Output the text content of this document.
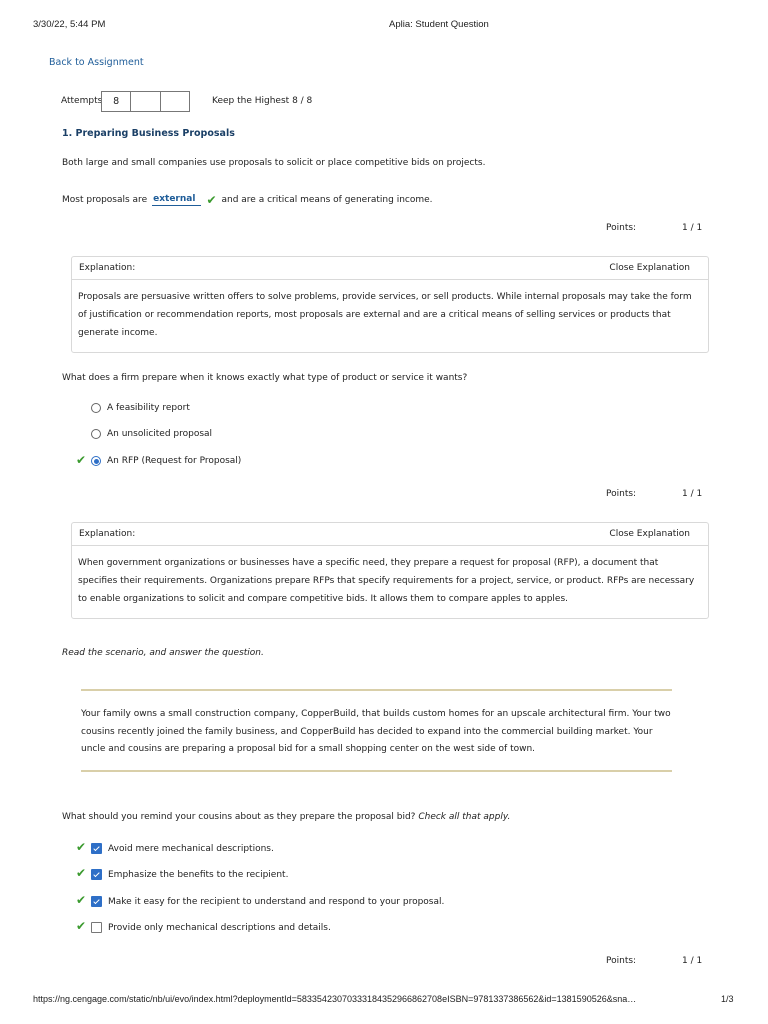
3/30/22, 5:44 PM	Aplia: Student Question
Back to Assignment
Attempts	8	Keep the Highest 8 / 8
1. Preparing Business Proposals
Both large and small companies use proposals to solicit or place competitive bids on projects.
Most proposals are external ✔ and are a critical means of generating income.
Points:	1 / 1
Explanation:	Close Explanation
Proposals are persuasive written offers to solve problems, provide services, or sell products. While internal proposals may take the form of justification or recommendation reports, most proposals are external and are a critical means of selling services or products that generate income.
What does a firm prepare when it knows exactly what type of product or service it wants?
A feasibility report
An unsolicited proposal
✔ An RFP (Request for Proposal)
Points:	1 / 1
Explanation:	Close Explanation
When government organizations or businesses have a specific need, they prepare a request for proposal (RFP), a document that specifies their requirements. Organizations prepare RFPs that specify requirements for a project, service, or product. RFPs are necessary to enable organizations to solicit and compare competitive bids. It allows them to compare apples to apples.
Read the scenario, and answer the question.
Your family owns a small construction company, CopperBuild, that builds custom homes for an upscale architectural firm. Your two cousins recently joined the family business, and CopperBuild has decided to expand into the commercial building market. Your uncle and cousins are preparing a proposal bid for a small shopping center on the west side of town.
What should you remind your cousins about as they prepare the proposal bid? Check all that apply.
✔ Avoid mere mechanical descriptions.
✔ Emphasize the benefits to the recipient.
✔ Make it easy for the recipient to understand and respond to your proposal.
✔ Provide only mechanical descriptions and details.
Points:	1 / 1
https://ng.cengage.com/static/nb/ui/evo/index.html?deploymentId=58335423070333184352966862708eISBN=9781337386562&id=1381590526&sna…	1/3
